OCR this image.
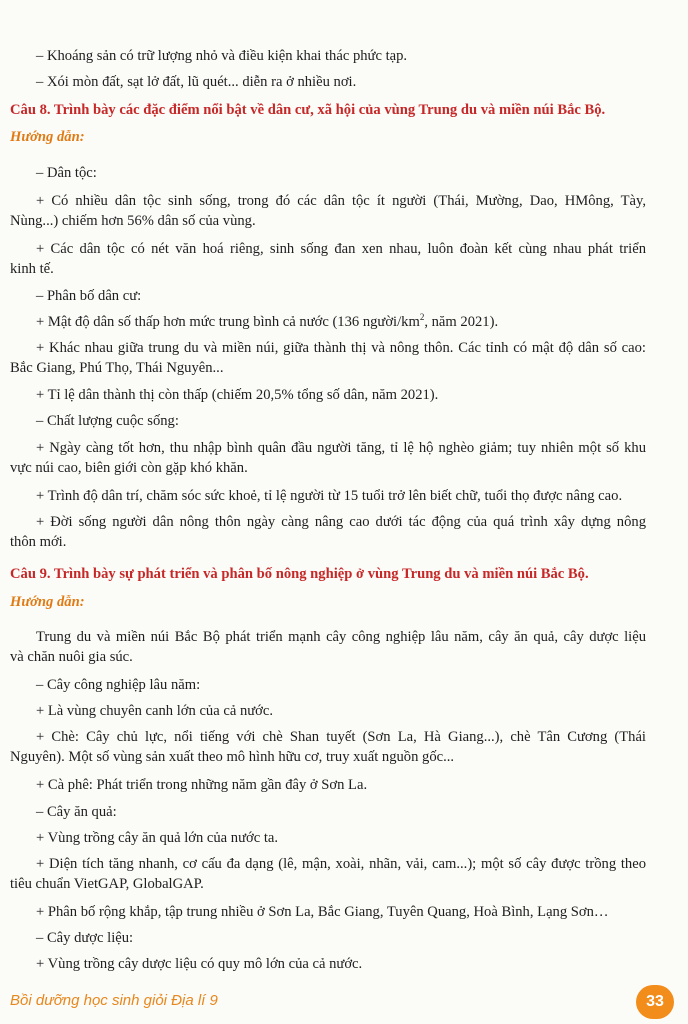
– Khoáng sản có trữ lượng nhỏ và điều kiện khai thác phức tạp.
– Xói mòn đất, sạt lở đất, lũ quét... diễn ra ở nhiều nơi.
Câu 8. Trình bày các đặc điểm nổi bật về dân cư, xã hội của vùng Trung du và miền núi Bắc Bộ.
Hướng dẫn:
– Dân tộc:
+ Có nhiều dân tộc sinh sống, trong đó các dân tộc ít người (Thái, Mường, Dao, HMông, Tày,
Nùng...) chiếm hơn 56% dân số của vùng.
+ Các dân tộc có nét văn hoá riêng, sinh sống đan xen nhau, luôn đoàn kết cùng nhau phát triển
kinh tế.
– Phân bố dân cư:
+ Mật độ dân số thấp hơn mức trung bình cả nước (136 người/$km^2$, năm 2021).
+ Khác nhau giữa trung du và miền núi, giữa thành thị và nông thôn. Các tỉnh có mật độ dân số cao:
Bắc Giang, Phú Thọ, Thái Nguyên...
+ Tỉ lệ dân thành thị còn thấp (chiếm 20,5% tổng số dân, năm 2021).
– Chất lượng cuộc sống:
+ Ngày càng tốt hơn, thu nhập bình quân đầu người tăng, tỉ lệ hộ nghèo giảm; tuy nhiên một số khu
vực núi cao, biên giới còn gặp khó khăn.
+ Trình độ dân trí, chăm sóc sức khoẻ, tỉ lệ người từ 15 tuổi trở lên biết chữ, tuổi thọ được nâng cao.
+ Đời sống người dân nông thôn ngày càng nâng cao dưới tác động của quá trình xây dựng nông
thôn mới.
Câu 9. Trình bày sự phát triển và phân bố nông nghiệp ở vùng Trung du và miền núi Bắc Bộ.
Hướng dẫn:
Trung du và miền núi Bắc Bộ phát triển mạnh cây công nghiệp lâu năm, cây ăn quả, cây dược liệu
và chăn nuôi gia súc.
– Cây công nghiệp lâu năm:
+ Là vùng chuyên canh lớn của cả nước.
+ Chè: Cây chủ lực, nổi tiếng với chè Shan tuyết (Sơn La, Hà Giang...), chè Tân Cương (Thái
Nguyên). Một số vùng sản xuất theo mô hình hữu cơ, truy xuất nguồn gốc...
+ Cà phê: Phát triển trong những năm gần đây ở Sơn La.
– Cây ăn quả:
+ Vùng trồng cây ăn quả lớn của nước ta.
+ Diện tích tăng nhanh, cơ cấu đa dạng (lê, mận, xoài, nhãn, vải, cam...); một số cây được trồng theo
tiêu chuẩn VietGAP, GlobalGAP.
+ Phân bố rộng khắp, tập trung nhiều ở Sơn La, Bắc Giang, Tuyên Quang, Hoà Bình, Lạng Sơn…
– Cây dược liệu:
+ Vùng trồng cây dược liệu có quy mô lớn của cả nước.
Bồi dưỡng học sinh giỏi Địa lí 9	33
